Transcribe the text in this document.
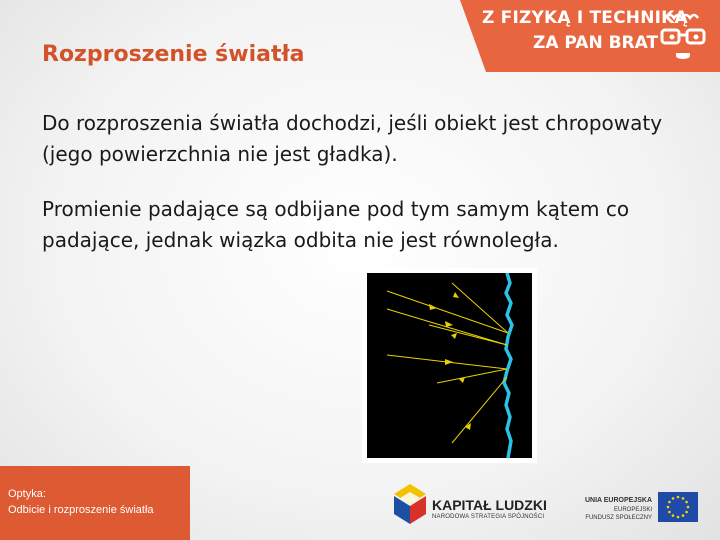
Z FIZYKĄ I TECHNIKĄ
ZA PAN BRAT
Rozproszenie światła

Do rozproszenia światła dochodzi, jeśli obiekt jest chropowaty (jego powierzchnia nie jest gładka).

Promienie padające są odbijane pod tym samym kątem co padające, jednak wiązka odbita nie jest równoległa.

Optyka:
Odbicie i rozproszenie światła	KAPITAŁ LUDZKI
NARODOWA STRATEGIA SPÓJNOŚCI
UNIA EUROPEJSKA
EUROPEJSKI
FUNDUSZ SPOŁECZNY
